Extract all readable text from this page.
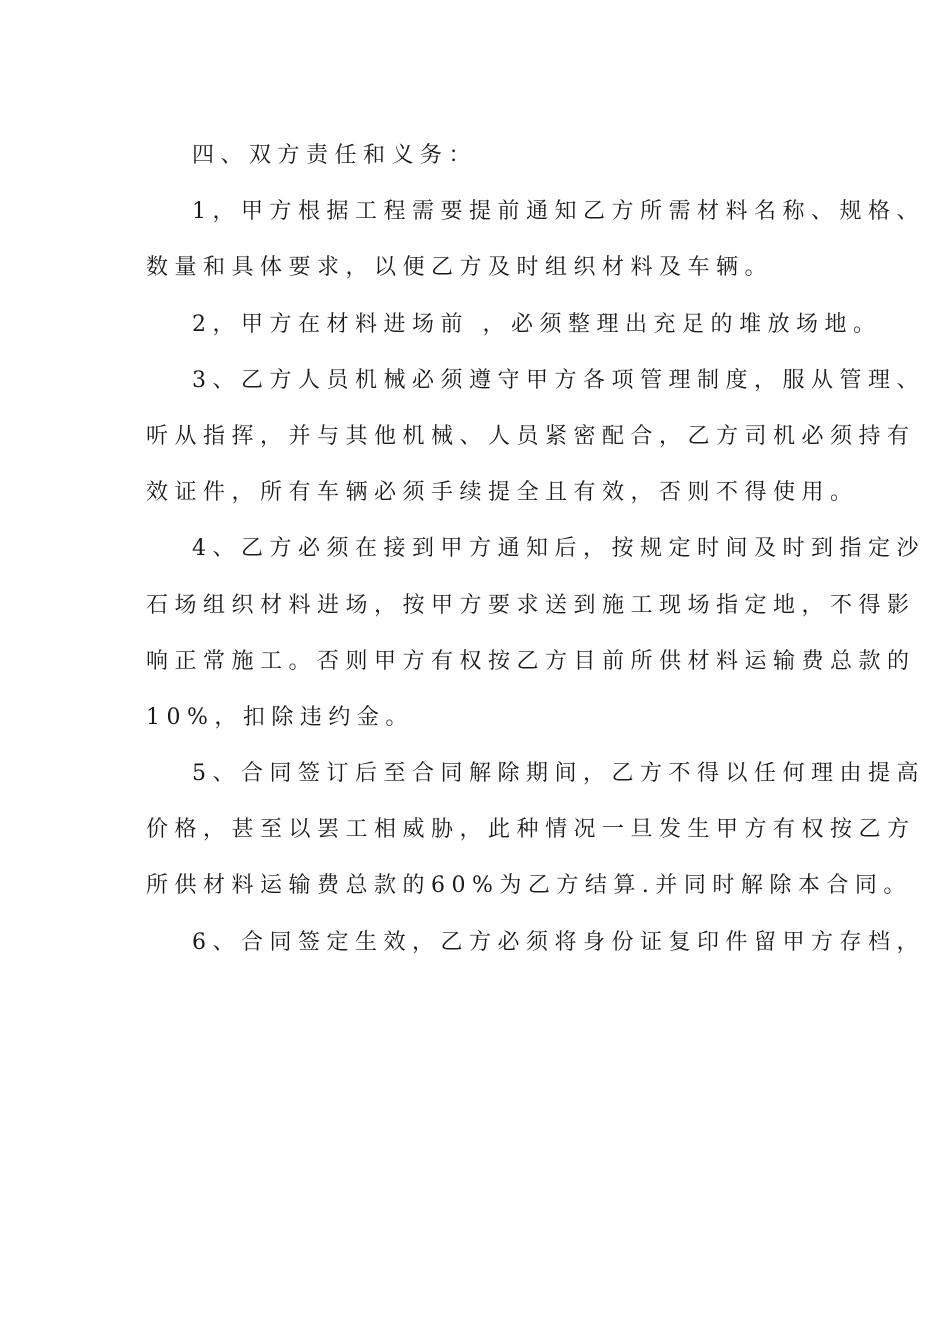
四、双方责任和义务：
1，甲方根据工程需要提前通知乙方所需材料名称、规格、
数量和具体要求，以便乙方及时组织材料及车辆。
2，甲方在材料进场前 ，必须整理出充足的堆放场地。
3、乙方人员机械必须遵守甲方各项管理制度，服从管理、
听从指挥，并与其他机械、人员紧密配合，乙方司机必须持有
效证件，所有车辆必须手续提全且有效，否则不得使用。
4、乙方必须在接到甲方通知后，按规定时间及时到指定沙
石场组织材料进场，按甲方要求送到施工现场指定地，不得影
响正常施工。否则甲方有权按乙方目前所供材料运输费总款的
10%，扣除违约金。
5、合同签订后至合同解除期间，乙方不得以任何理由提高
价格，甚至以罢工相威胁，此种情况一旦发生甲方有权按乙方
所供材料运输费总款的60%为乙方结算.并同时解除本合同。
6、合同签定生效，乙方必须将身份证复印件留甲方存档，
